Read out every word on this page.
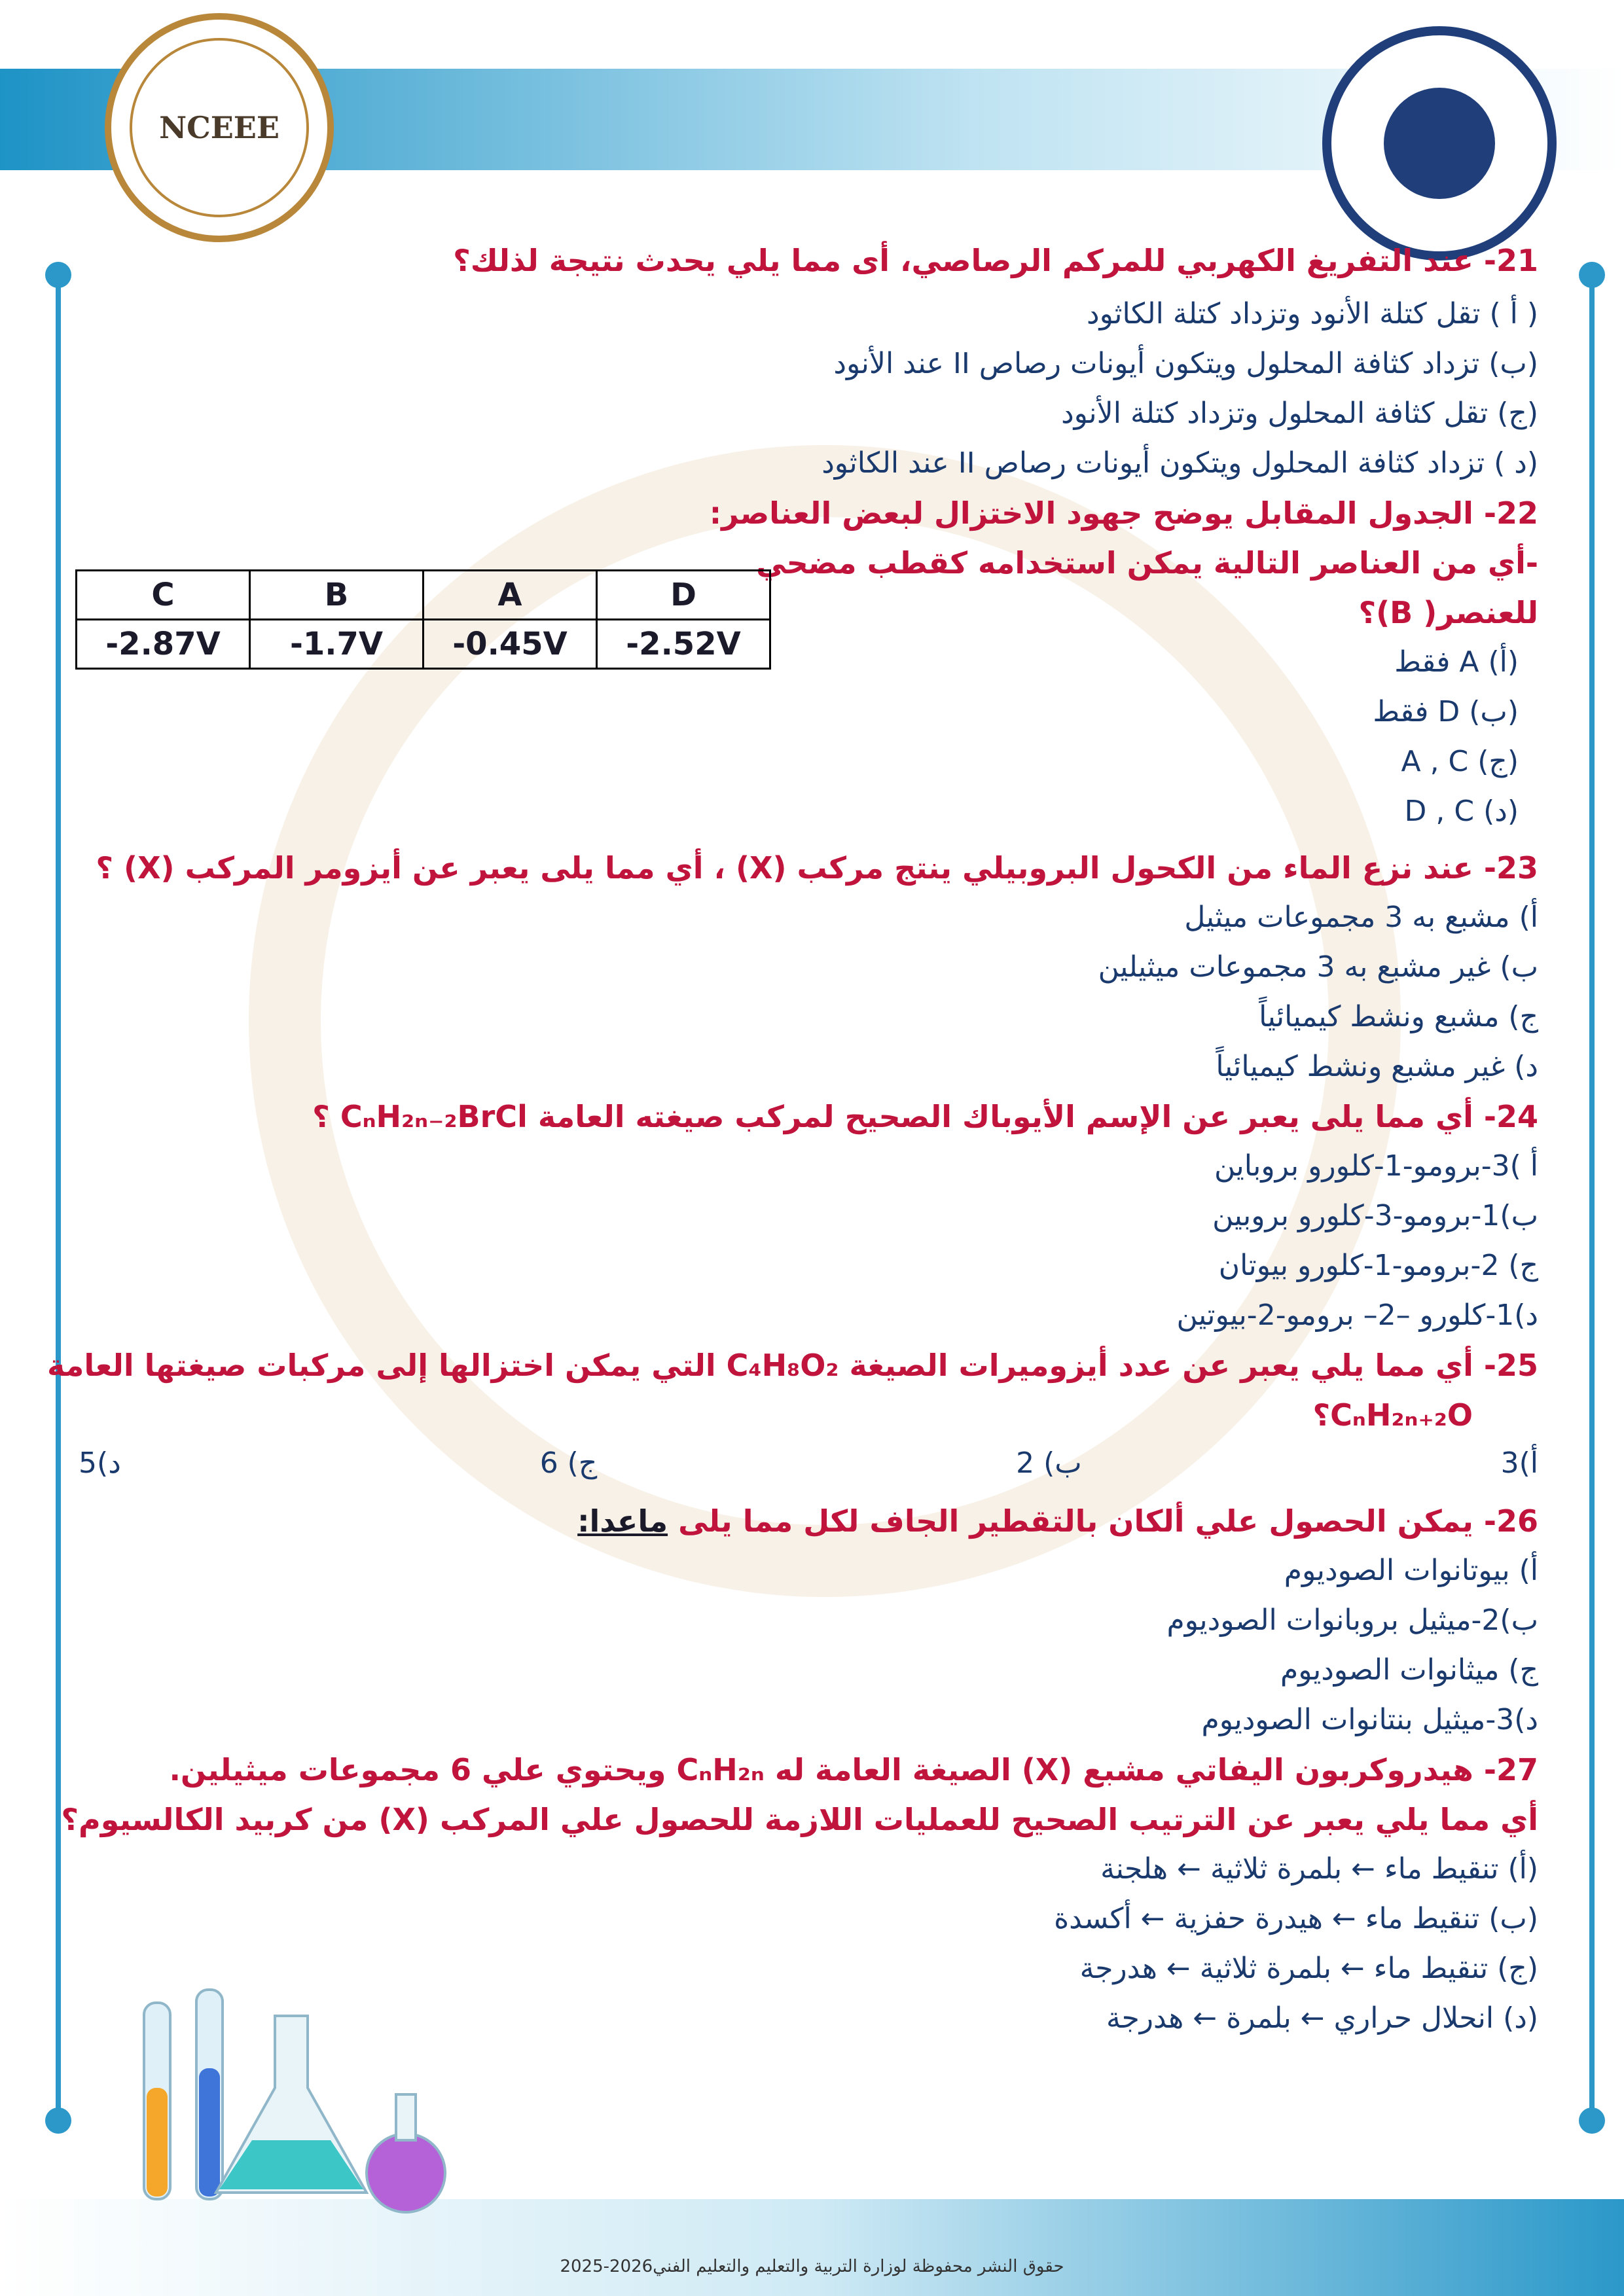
NCEEE

21- عند التفريغ الكهربي للمركم الرصاصي، أى مما يلي يحدث نتيجة لذلك؟

( أ ) تقل كتلة الأنود وتزداد كتلة الكاثود

(ب) تزداد كثافة المحلول ويتكون أيونات رصاص II عند الأنود

(ج) تقل كثافة المحلول وتزداد كتلة الأنود

(د ) تزداد كثافة المحلول ويتكون أيونات رصاص II عند الكاثود

22- الجدول المقابل يوضح جهود الاختزال لبعض العناصر:

-أي من العناصر التالية يمكن استخدامه كقطب مضحي

للعنصر( B)؟

(أ) A فقط

(ب) D فقط

(ج) A , C

(د) D , C

23- عند نزع الماء من الكحول البروبيلي ينتج مركب (X) ، أي مما يلى يعبر عن أيزومر المركب (X) ؟

أ) مشبع به 3 مجموعات ميثيل

ب) غير مشبع به 3 مجموعات ميثيلين

ج) مشبع ونشط كيميائياً

د) غير مشبع ونشط كيميائياً

24- أي مما يلى يعبر عن الإسم الأيوباك الصحيح لمركب صيغته العامة CₙH₂ₙ₋₂BrCl ؟

أ )3-برومو-1-كلورو بروباين

ب)1-برومو-3-كلورو بروبين

ج) 2-برومو-1-كلورو بيوتان

د)1-كلورو –2– برومو-2-بيوتين

25- أي مما يلي يعبر عن عدد أيزوميرات الصيغة C₄H₈O₂ التي يمكن اختزالها إلى مركبات صيغتها العامة

CₙH₂ₙ₊₂O؟

أ)3
ب) 2
ج) 6
د)5

26- يمكن الحصول علي ألكان بالتقطير الجاف لكل مما يلى ماعدا:

أ) بيوتانوات الصوديوم

ب)2-ميثيل بروبانوات الصوديوم

ج) ميثانوات الصوديوم

د)3-ميثيل بنتانوات الصوديوم

27- هيدروكربون اليفاتي مشبع (X) الصيغة العامة له CₙH₂ₙ ويحتوي علي 6 مجموعات ميثيلين.

أي مما يلي يعبر عن الترتيب الصحيح للعمليات اللازمة للحصول علي المركب (X) من كربيد الكالسيوم؟

(أ) تنقيط ماء ← بلمرة ثلاثية ← هلجنة

(ب) تنقيط ماء ← هيدرة حفزية ← أكسدة

(ج) تنقيط ماء ← بلمرة ثلاثية ← هدرجة

(د) انحلال حراري ← بلمرة ← هدرجة

C	B	A	D
-2.87V	-1.7V	-0.45V	-2.52V
حقوق النشر محفوظة لوزارة التربية والتعليم والتعليم الفني2026-2025
